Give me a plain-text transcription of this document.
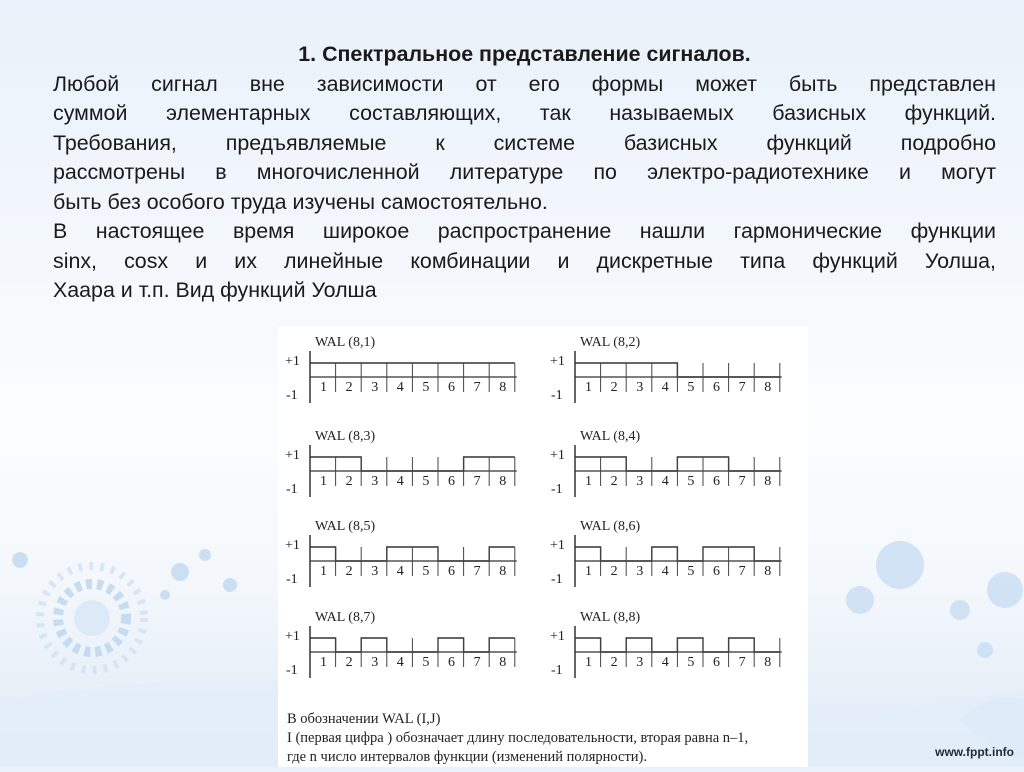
1. Спектральное представление сигналов.
Любой сигнал вне зависимости от его формы может быть представлен
суммой элементарных составляющих, так называемых базисных функций.
Требования, предъявляемые к системе базисных функций подробно
рассмотрены в многочисленной литературе по электро-радиотехнике и могут
быть без особого труда изучены самостоятельно.
В настоящее время широкое распространение нашли гармонические функции
sinx, cosx и их линейные комбинации и дискретные типа функций Уолша,
Хаара и т.п. Вид функций Уолша
WAL (8,1)
+1
-1
1 2 3 4 5 6 7 8
WAL (8,2)
+1
-1
1 2 3 4 5 6 7 8
WAL (8,3)
+1
-1
1 2 3 4 5 6 7 8
WAL (8,4)
+1
-1
1 2 3 4 5 6 7 8
WAL (8,5)
+1
-1
1 2 3 4 5 6 7 8
WAL (8,6)
+1
-1
1 2 3 4 5 6 7 8
WAL (8,7)
+1
-1
1 2 3 4 5 6 7 8
WAL (8,8)
+1
-1
1 2 3 4 5 6 7 8
В обозначении WAL (I,J)
I (первая цифра ) обозначает длину последовательности, вторая равна n–1,
где n число интервалов функции (изменений полярности).	www.fppt.info
